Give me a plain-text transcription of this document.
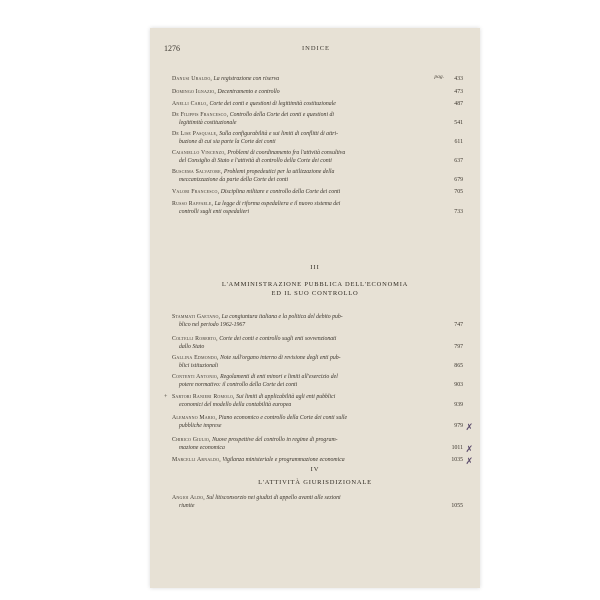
1276	INDICE
pag.
Danusi Ubaldo, La registrazione con riserva	433
Domingo Ignazio, Decentramento e controllo	473
Anelli Carlo, Corte dei conti e questioni di legittimità costituzionale	487
De Filippis Francesco, Controllo della Corte dei conti e questioni di
legittimità costituzionale	541
De Lise Pasquale, Sulla configurabilità e sui limiti di conflitti di attri-
buzione di cui sia parte la Corte dei conti	611
Caianiello Vincenzo, Problemi di coordinamento fra l'attività consultiva
del Consiglio di Stato e l'attività di controllo della Corte dei conti	637
Buscema Salvatore, Problemi propedeutici per la utilizzazione della
meccanizzazione da parte della Corte dei conti	679
Valori Francesco, Disciplina militare e controllo della Corte dei conti	705
Russo Raffaele, La legge di riforma ospedaliera e il nuovo sistema dei
controlli sugli enti ospedalieri	733
III
L'AMMINISTRAZIONE PUBBLICA DELL'ECONOMIA
ED IL SUO CONTROLLO
Stammati Gaetano, La congiuntura italiana e la politica del debito pub-
blico nel periodo 1962-1967	747
Coltelli Roberto, Corte dei conti e controllo sugli enti sovvenzionati
dallo Stato	797
Gallina Edmondo, Note sull'organo interno di revisione degli enti pub-
blici istituzionali	865
Contenti Antonio, Regolamenti di enti minori e limiti all'esercizio del
potere normativo: il controllo della Corte dei conti	903
Sartori Ranieri Romolo, Sui limiti di applicabilità agli enti pubblici
economici del modello della contabilità europea	939
+
Alemanno Mario, Piano economico e controllo della Corte dei conti sulle
pubbliche imprese	979 ✗
Chirico Giulio, Nuove prospettive del controllo in regime di program-
mazione economica	1011 ✗
Marcelli Arnaldo, Vigilanza ministeriale e programmazione economica	1035 ✗
IV
L'ATTIVITÀ GIURISDIZIONALE
Angioi Aldo, Sul litisconsorzio nei giudizi di appello avanti alle sezioni
riunite	1055
